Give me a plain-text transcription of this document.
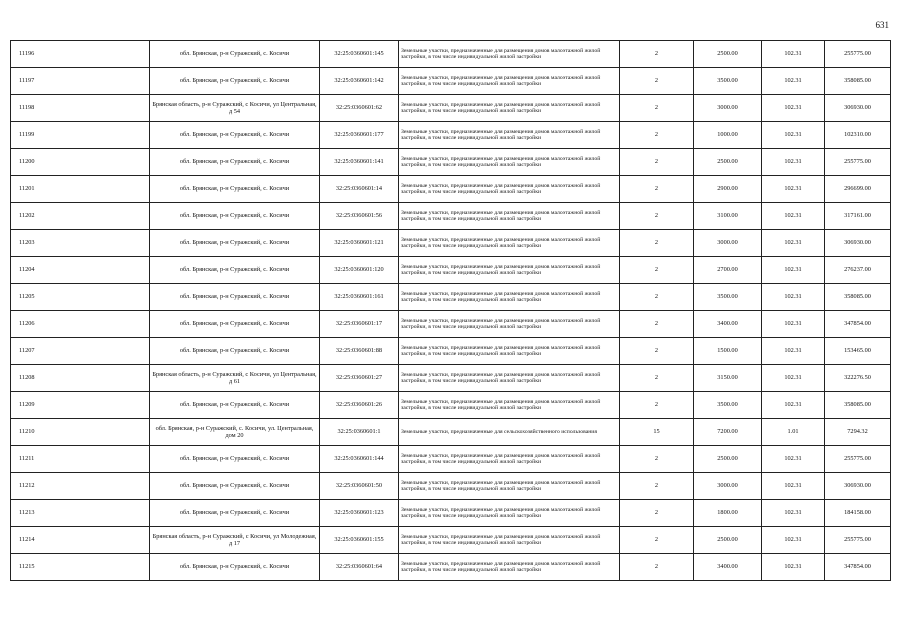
631
11196	обл. Брянская, р-н Суражский, с. Косичи	32:25:0360601:145	Земельные участки, предназначенные для размещения домов малоэтажной жилой застройки, в том числе индивидуальной жилой застройки	2	2500.00	102.31	255775.00
11197	обл. Брянская, р-н Суражский, с. Косичи	32:25:0360601:142	Земельные участки, предназначенные для размещения домов малоэтажной жилой застройки, в том числе индивидуальной жилой застройки	2	3500.00	102.31	358085.00
11198	Брянская область, р-н Суражский, с Косичи, ул Центральная, д 54	32:25:0360601:62	Земельные участки, предназначенные для размещения домов малоэтажной жилой застройки, в том числе индивидуальной жилой застройки	2	3000.00	102.31	306930.00
11199	обл. Брянская, р-н Суражский, с. Косичи	32:25:0360601:177	Земельные участки, предназначенные для размещения домов малоэтажной жилой застройки, в том числе индивидуальной жилой застройки	2	1000.00	102.31	102310.00
11200	обл. Брянская, р-н Суражский, с. Косичи	32:25:0360601:141	Земельные участки, предназначенные для размещения домов малоэтажной жилой застройки, в том числе индивидуальной жилой застройки	2	2500.00	102.31	255775.00
11201	обл. Брянская, р-н Суражский, с. Косичи	32:25:0360601:14	Земельные участки, предназначенные для размещения домов малоэтажной жилой застройки, в том числе индивидуальной жилой застройки	2	2900.00	102.31	296699.00
11202	обл. Брянская, р-н Суражский, с. Косичи	32:25:0360601:56	Земельные участки, предназначенные для размещения домов малоэтажной жилой застройки, в том числе индивидуальной жилой застройки	2	3100.00	102.31	317161.00
11203	обл. Брянская, р-н Суражский, с. Косичи	32:25:0360601:121	Земельные участки, предназначенные для размещения домов малоэтажной жилой застройки, в том числе индивидуальной жилой застройки	2	3000.00	102.31	306930.00
11204	обл. Брянская, р-н Суражский, с. Косичи	32:25:0360601:120	Земельные участки, предназначенные для размещения домов малоэтажной жилой застройки, в том числе индивидуальной жилой застройки	2	2700.00	102.31	276237.00
11205	обл. Брянская, р-н Суражский, с. Косичи	32:25:0360601:161	Земельные участки, предназначенные для размещения домов малоэтажной жилой застройки, в том числе индивидуальной жилой застройки	2	3500.00	102.31	358085.00
11206	обл. Брянская, р-н Суражский, с. Косичи	32:25:0360601:17	Земельные участки, предназначенные для размещения домов малоэтажной жилой застройки, в том числе индивидуальной жилой застройки	2	3400.00	102.31	347854.00
11207	обл. Брянская, р-н Суражский, с. Косичи	32:25:0360601:88	Земельные участки, предназначенные для размещения домов малоэтажной жилой застройки, в том числе индивидуальной жилой застройки	2	1500.00	102.31	153465.00
11208	Брянская область, р-н Суражский, с Косичи, ул Центральная, д 61	32:25:0360601:27	Земельные участки, предназначенные для размещения домов малоэтажной жилой застройки, в том числе индивидуальной жилой застройки	2	3150.00	102.31	322276.50
11209	обл. Брянская, р-н Суражский, с. Косичи	32:25:0360601:26	Земельные участки, предназначенные для размещения домов малоэтажной жилой застройки, в том числе индивидуальной жилой застройки	2	3500.00	102.31	358085.00
11210	обл. Брянская, р-н Суражский, с. Косичи, ул. Центральная, дом 20	32:25:0360601:1	Земельные участки, предназначенные для сельскохозяйственного использования	15	7200.00	1.01	7294.32
11211	обл. Брянская, р-н Суражский, с. Косичи	32:25:0360601:144	Земельные участки, предназначенные для размещения домов малоэтажной жилой застройки, в том числе индивидуальной жилой застройки	2	2500.00	102.31	255775.00
11212	обл. Брянская, р-н Суражский, с. Косичи	32:25:0360601:50	Земельные участки, предназначенные для размещения домов малоэтажной жилой застройки, в том числе индивидуальной жилой застройки	2	3000.00	102.31	306930.00
11213	обл. Брянская, р-н Суражский, с. Косичи	32:25:0360601:123	Земельные участки, предназначенные для размещения домов малоэтажной жилой застройки, в том числе индивидуальной жилой застройки	2	1800.00	102.31	184158.00
11214	Брянская область, р-н Суражский, с Косичи, ул Молодежная, д 17	32:25:0360601:155	Земельные участки, предназначенные для размещения домов малоэтажной жилой застройки, в том числе индивидуальной жилой застройки	2	2500.00	102.31	255775.00
11215	обл. Брянская, р-н Суражский, с. Косичи	32:25:0360601:64	Земельные участки, предназначенные для размещения домов малоэтажной жилой застройки, в том числе индивидуальной жилой застройки	2	3400.00	102.31	347854.00
